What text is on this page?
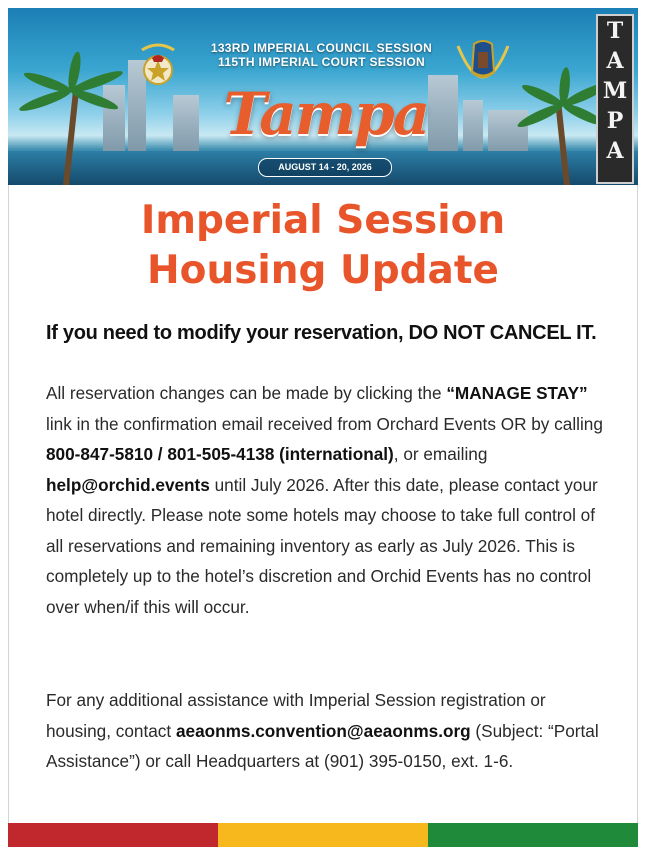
133RD IMPERIAL COUNCIL SESSION
115TH IMPERIAL COURT SESSION
Tampa
AUGUST 14 - 20, 2026
T
A
M
P
A
Imperial Session
Housing Update
If you need to modify your reservation, DO NOT CANCEL IT.
All reservation changes can be made by clicking the “MANAGE STAY” link in the confirmation email received from Orchard Events OR by calling 800-847-5810 / 801-505-4138 (international), or emailing help@orchid.events until July 2026. After this date, please contact your hotel directly. Please note some hotels may choose to take full control of all reservations and remaining inventory as early as July 2026. This is completely up to the hotel’s discretion and Orchid Events has no control over when/if this will occur.
For any additional assistance with Imperial Session registration or housing, contact aeaonms.convention@aeaonms.org (Subject: “Portal Assistance”) or call Headquarters at (901) 395-0150, ext. 1-6.
